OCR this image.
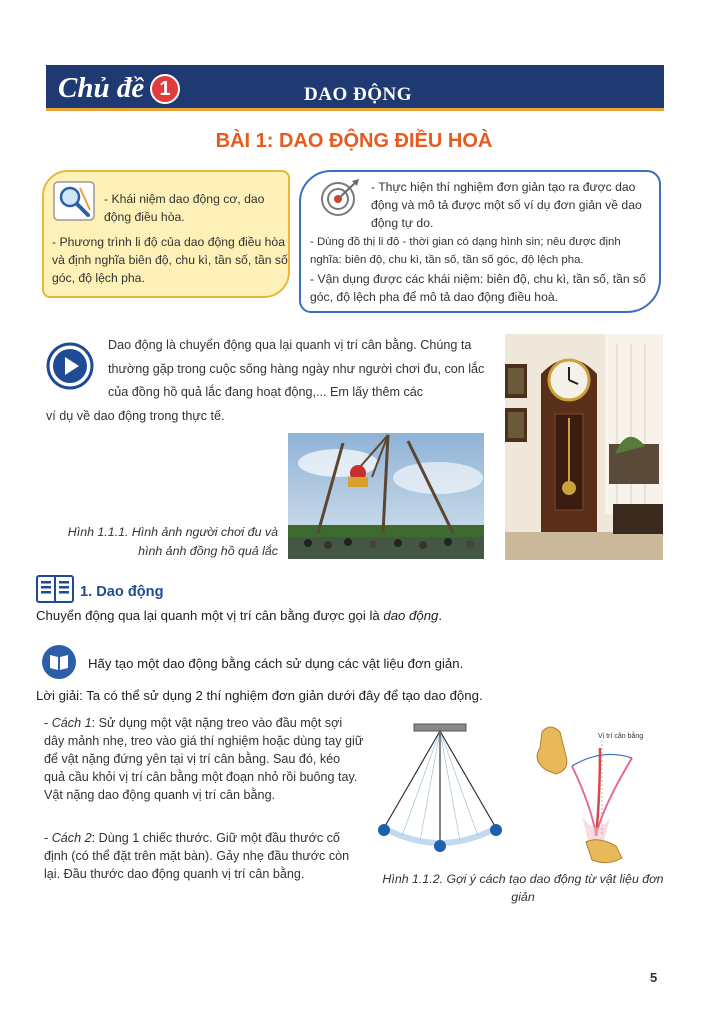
Chủ đề 1	DAO ĐỘNG
BÀI 1: DAO ĐỘNG ĐIỀU HOÀ
- Khái niệm dao động cơ, dao động điều hòa.
- Phương trình li độ của dao động điều hòa và định nghĩa biên độ, chu kì, tần số, tần số góc, độ lệch pha.
- Thực hiện thí nghiệm đơn giản tạo ra được dao động và mô tả được một số ví dụ đơn giản về dao động tự do.
- Dùng đồ thị li độ - thời gian có dạng hình sin; nêu được định nghĩa: biên độ, chu kì, tần số, tần số góc, độ lệch pha.
- Vận dụng được các khái niệm: biên độ, chu kì, tần số, tần số góc, độ lệch pha để mô tả dao động điều hoà.
Dao động là chuyển động qua lại quanh vị trí cân bằng. Chúng ta thường gặp trong cuộc sống hàng ngày như người chơi đu, con lắc của đồng hồ quả lắc đang hoạt động,... Em lấy thêm các
ví dụ về dao động trong thực tế.
Hình 1.1.1. Hình ảnh người chơi đu và hình ảnh đồng hồ quả lắc
1. Dao động
Chuyển động qua lại quanh một vị trí cân bằng được gọi là dao động.
Hãy tạo một dao động bằng cách sử dụng các vật liệu đơn giản.
Lời giải: Ta có thể sử dụng 2 thí nghiệm đơn giản dưới đây để tạo dao động.
- Cách 1: Sử dụng một vật nặng treo vào đầu một sợi dây mảnh nhẹ, treo vào giá thí nghiệm hoặc dùng tay giữ để vật nặng đứng yên tại vị trí cân bằng. Sau đó, kéo quả cầu khỏi vị trí cân bằng một đoạn nhỏ rồi buông tay. Vật nặng dao động quanh vị trí cân bằng.
- Cách 2: Dùng 1 chiếc thước. Giữ một đầu thước cố định (có thể đặt trên mặt bàn). Gảy nhẹ đầu thước còn lại. Đầu thước dao động quanh vị trí cân bằng.
Vị trí cân bằng
Hình 1.1.2. Gợi ý cách tạo dao động từ vật liệu đơn giản
5
